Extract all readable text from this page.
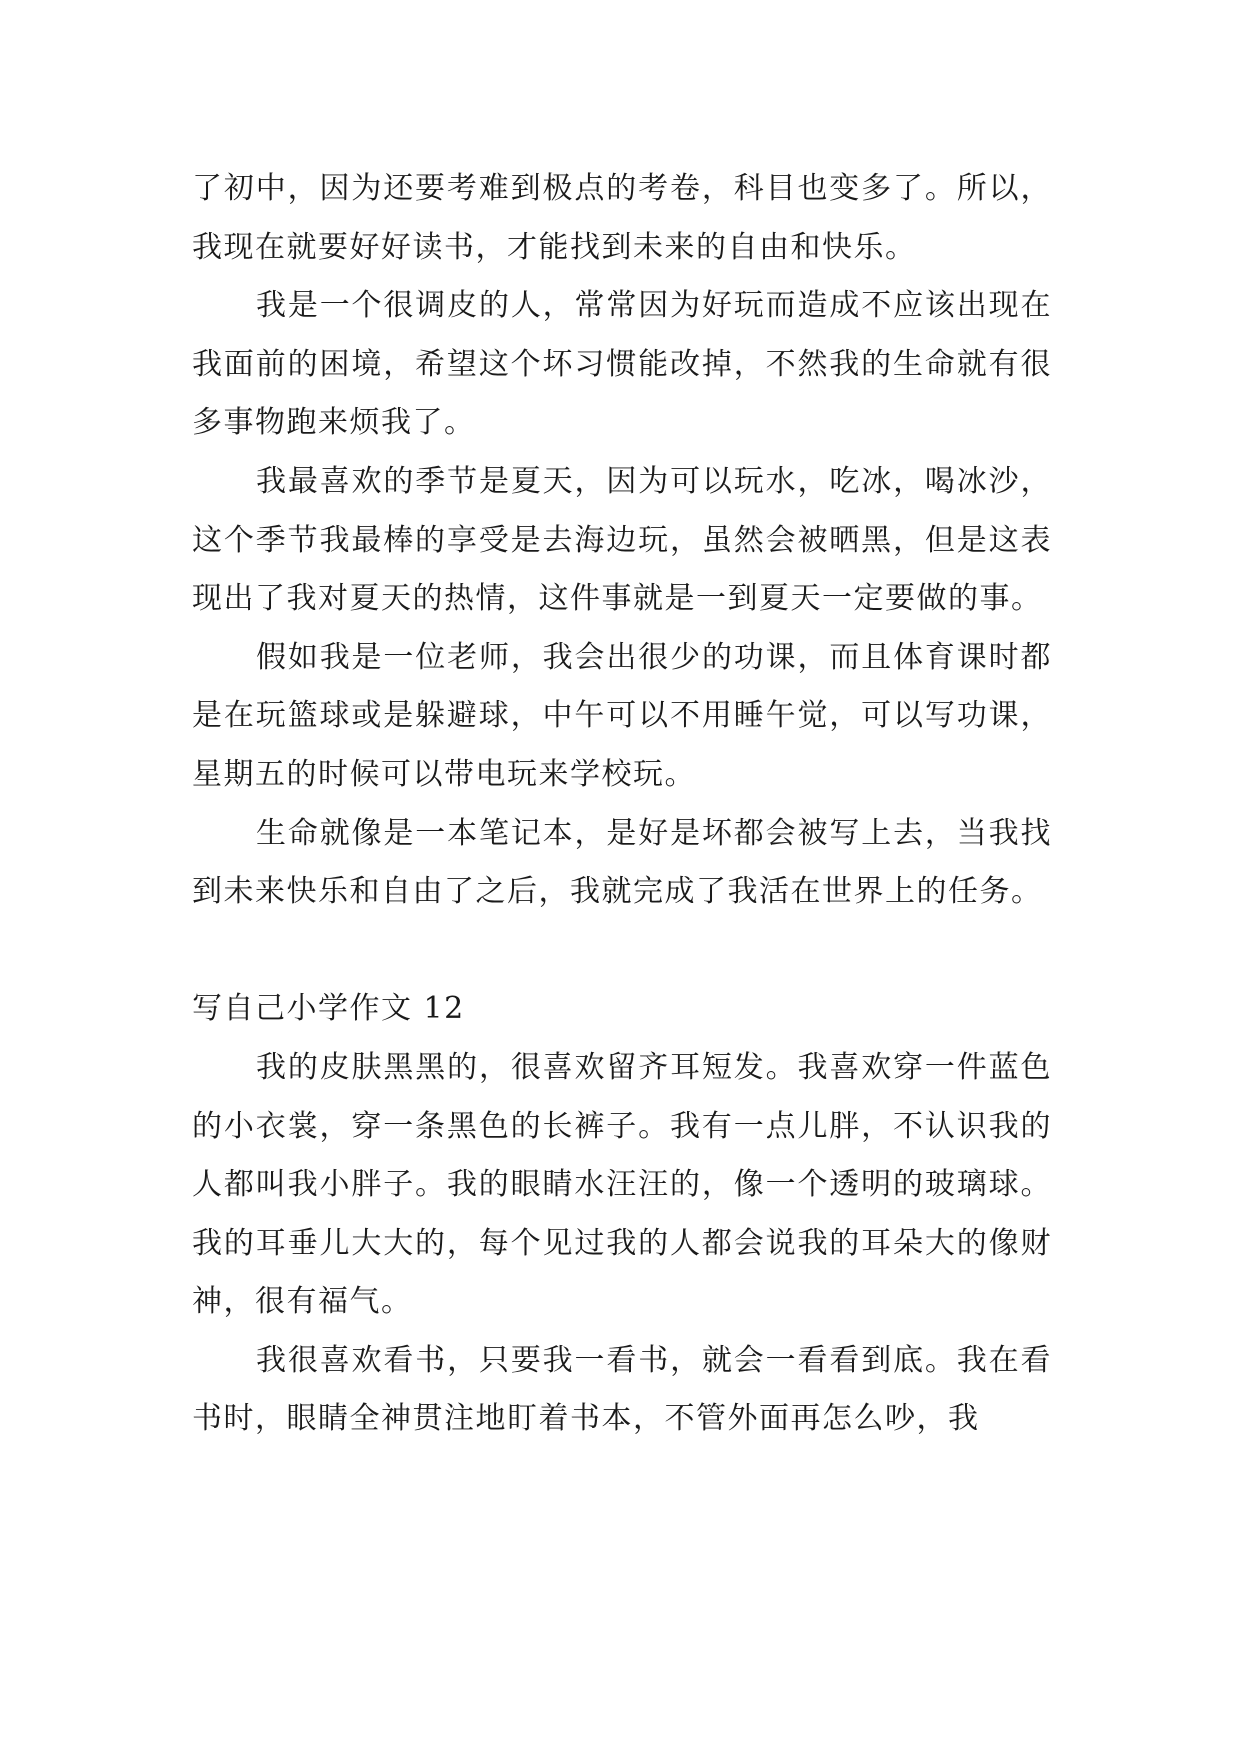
了初中，因为还要考难到极点的考卷，科目也变多了。所以，我现在就要好好读书，才能找到未来的自由和快乐。

我是一个很调皮的人，常常因为好玩而造成不应该出现在我面前的困境，希望这个坏习惯能改掉，不然我的生命就有很多事物跑来烦我了。

我最喜欢的季节是夏天，因为可以玩水，吃冰，喝冰沙，这个季节我最棒的享受是去海边玩，虽然会被晒黑，但是这表现出了我对夏天的热情，这件事就是一到夏天一定要做的事。

假如我是一位老师，我会出很少的功课，而且体育课时都是在玩篮球或是躲避球，中午可以不用睡午觉，可以写功课，星期五的时候可以带电玩来学校玩。

生命就像是一本笔记本，是好是坏都会被写上去，当我找到未来快乐和自由了之后，我就完成了我活在世界上的任务。

写自己小学作文 12

我的皮肤黑黑的，很喜欢留齐耳短发。我喜欢穿一件蓝色的小衣裳，穿一条黑色的长裤子。我有一点儿胖，不认识我的人都叫我小胖子。我的眼睛水汪汪的，像一个透明的玻璃球。我的耳垂儿大大的，每个见过我的人都会说我的耳朵大的像财神，很有福气。

我很喜欢看书，只要我一看书，就会一看看到底。我在看书时，眼睛全神贯注地盯着书本，不管外面再怎么吵，我
